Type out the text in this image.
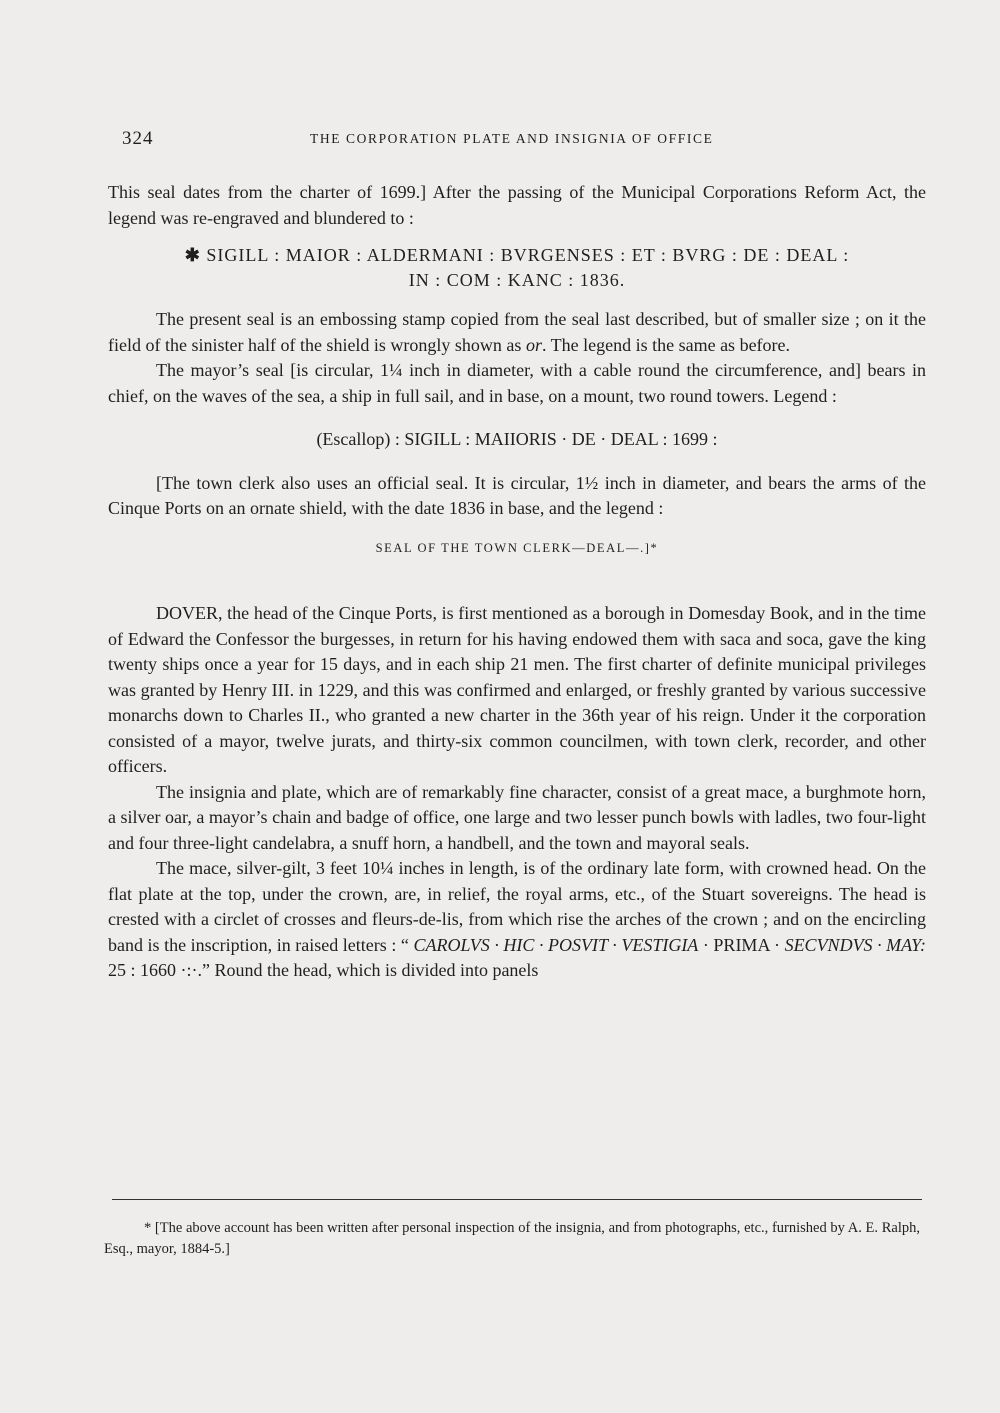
324	THE CORPORATION PLATE AND INSIGNIA OF OFFICE

This seal dates from the charter of 1699.] After the passing of the Municipal Corporations Reform Act, the legend was re-engraved and blundered to :

✱ SIGILL : MAIOR : ALDERMANI : BVRGENSES : ET : BVRG : DE : DEAL :
IN : COM : KANC : 1836.

The present seal is an embossing stamp copied from the seal last described, but of smaller size ; on it the field of the sinister half of the shield is wrongly shown as or. The legend is the same as before.

The mayor’s seal [is circular, 1¼ inch in diameter, with a cable round the circumference, and] bears in chief, on the waves of the sea, a ship in full sail, and in base, on a mount, two round towers. Legend :

(Escallop) : SIGILL : MAIIORIS · DE · DEAL : 1699 :

[The town clerk also uses an official seal. It is circular, 1½ inch in diameter, and bears the arms of the Cinque Ports on an ornate shield, with the date 1836 in base, and the legend :

SEAL OF THE TOWN CLERK—DEAL—.]*

DOVER, the head of the Cinque Ports, is first mentioned as a borough in Domesday Book, and in the time of Edward the Confessor the burgesses, in return for his having endowed them with saca and soca, gave the king twenty ships once a year for 15 days, and in each ship 21 men. The first charter of definite municipal privileges was granted by Henry III. in 1229, and this was confirmed and enlarged, or freshly granted by various successive monarchs down to Charles II., who granted a new charter in the 36th year of his reign. Under it the corporation consisted of a mayor, twelve jurats, and thirty-six common councilmen, with town clerk, recorder, and other officers.

The insignia and plate, which are of remarkably fine character, consist of a great mace, a burghmote horn, a silver oar, a mayor’s chain and badge of office, one large and two lesser punch bowls with ladles, two four-light and four three-light candelabra, a snuff horn, a handbell, and the town and mayoral seals.

The mace, silver-gilt, 3 feet 10¼ inches in length, is of the ordinary late form, with crowned head. On the flat plate at the top, under the crown, are, in relief, the royal arms, etc., of the Stuart sovereigns. The head is crested with a circlet of crosses and fleurs-de-lis, from which rise the arches of the crown ; and on the encircling band is the inscription, in raised letters : “ CAROLVS · HIC · POSVIT · VESTIGIA · PRIMA · SECVNDVS · MAY: 25 : 1660 ·:·.” Round the head, which is divided into panels

* [The above account has been written after personal inspection of the insignia, and from photographs, etc., furnished by A. E. Ralph, Esq., mayor, 1884-5.]
